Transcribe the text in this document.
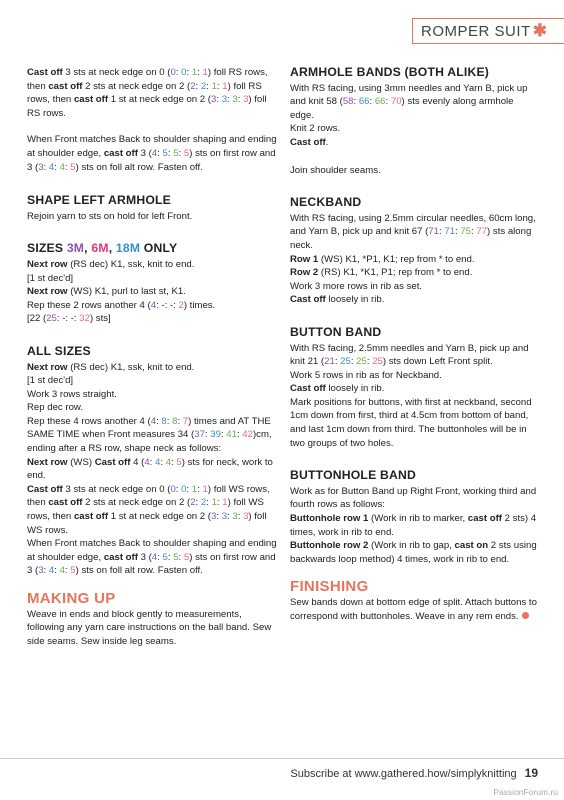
ROMPER SUIT ✱

Cast off 3 sts at neck edge on 0 (0: 0: 1: 1) foll RS rows, then cast off 2 sts at neck edge on 2 (2: 2: 1: 1) foll RS rows, then cast off 1 st at neck edge on 2 (3: 3: 3: 3) foll RS rows.

When Front matches Back to shoulder shaping and ending at shoulder edge, cast off 3 (4: 5: 5: 5) sts on first row and 3 (3: 4: 4: 5) sts on foll alt row. Fasten off.

SHAPE LEFT ARMHOLE

Rejoin yarn to sts on hold for left Front.

SIZES 3M, 6M, 18M ONLY

Next row (RS dec) K1, ssk, knit to end.

[1 st dec'd]

Next row (WS) K1, purl to last st, K1.

Rep these 2 rows another 4 (4: -: -: 2) times.

[22 (25: -: -: 32) sts]

ALL SIZES

Next row (RS dec) K1, ssk, knit to end.

[1 st dec'd]

Work 3 rows straight.

Rep dec row.

Rep these 4 rows another 4 (4: 8: 8: 7) times and AT THE SAME TIME when Front measures 34 (37: 39: 41: 42)cm, ending after a RS row, shape neck as follows:

Next row (WS) Cast off 4 (4: 4: 4: 5) sts for neck, work to end.

Cast off 3 sts at neck edge on 0 (0: 0: 1: 1) foll WS rows, then cast off 2 sts at neck edge on 2 (2: 2: 1: 1) foll WS rows, then cast off 1 st at neck edge on 2 (3: 3: 3: 3) foll WS rows.

When Front matches Back to shoulder shaping and ending at shoulder edge, cast off 3 (4: 5: 5: 5) sts on first row and 3 (3: 4: 4: 5) sts on foll alt row. Fasten off.

MAKING UP

Weave in ends and block gently to measurements, following any yarn care instructions on the ball band. Sew side seams. Sew inside leg seams.

ARMHOLE BANDS (BOTH ALIKE)

With RS facing, using 3mm needles and Yarn B, pick up and knit 58 (58: 66: 66: 70) sts evenly along armhole edge.

Knit 2 rows.

Cast off.

Join shoulder seams.

NECKBAND

With RS facing, using 2.5mm circular needles, 60cm long, and Yarn B, pick up and knit 67 (71: 71: 75: 77) sts along neck.

Row 1 (WS) K1, *P1, K1; rep from * to end.

Row 2 (RS) K1, *K1, P1; rep from * to end.

Work 3 more rows in rib as set.

Cast off loosely in rib.

BUTTON BAND

With RS facing, 2.5mm needles and Yarn B, pick up and knit 21 (21: 25: 25: 25) sts down Left Front split.

Work 5 rows in rib as for Neckband.

Cast off loosely in rib.

Mark positions for buttons, with first at neckband, second 1cm down from first, third at 4.5cm from bottom of band, and last 1cm down from third. The buttonholes will be in two groups of two holes.

BUTTONHOLE BAND

Work as for Button Band up Right Front, working third and fourth rows as follows:

Buttonhole row 1 (Work in rib to marker, cast off 2 sts) 4 times, work in rib to end.

Buttonhole row 2 (Work in rib to gap, cast on 2 sts using backwards loop method) 4 times, work in rib to end.

FINISHING

Sew bands down at bottom edge of split. Attach buttons to correspond with buttonholes. Weave in any rem ends.

Subscribe at www.gathered.how/simplyknitting 19
PassionForum.ru
